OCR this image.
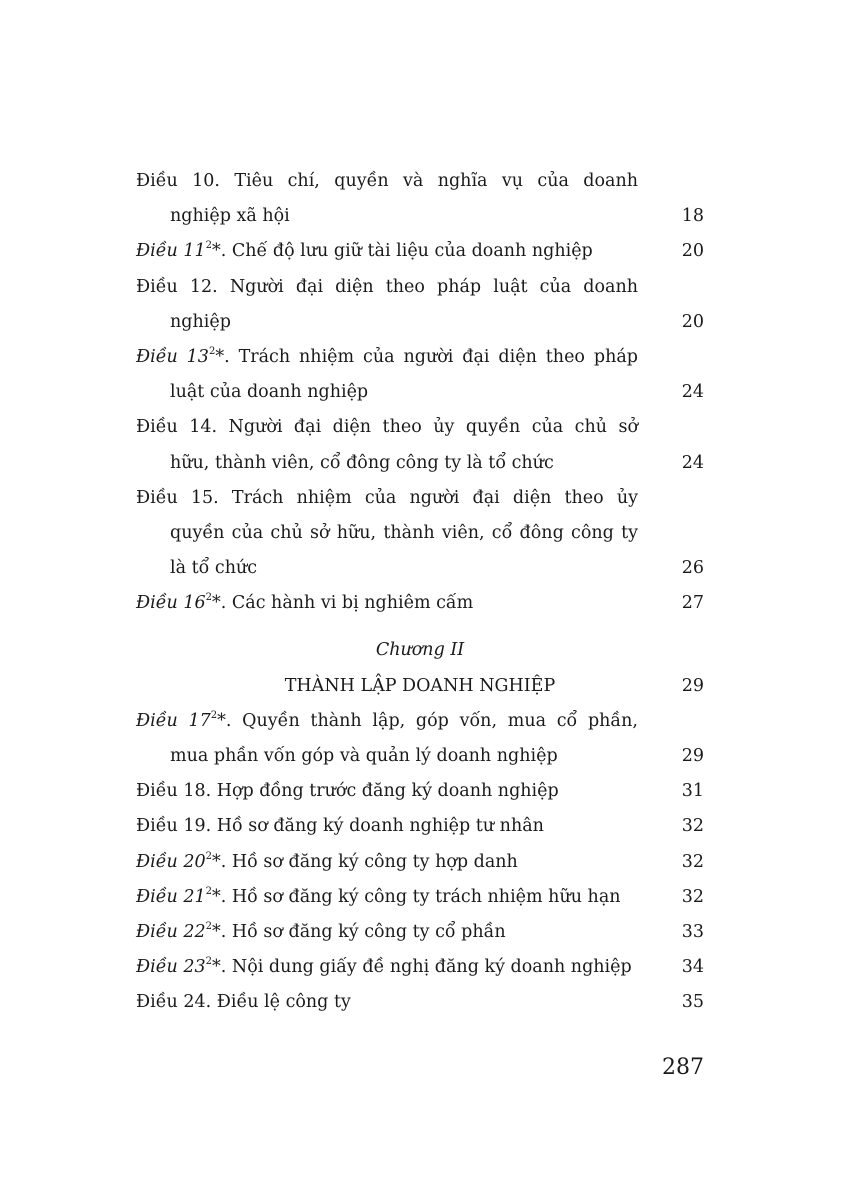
Điều 10. Tiêu chí, quyền và nghĩa vụ của doanh
nghiệp xã hội	18
Điều $11^2*$. Chế độ lưu giữ tài liệu của doanh nghiệp	20
Điều 12. Người đại diện theo pháp luật của doanh
nghiệp	20
Điều $13^2*$. Trách nhiệm của người đại diện theo pháp
luật của doanh nghiệp	24
Điều 14. Người đại diện theo ủy quyền của chủ sở
hữu, thành viên, cổ đông công ty là tổ chức	24
Điều 15. Trách nhiệm của người đại diện theo ủy
quyền của chủ sở hữu, thành viên, cổ đông công ty
là tổ chức	26
Điều $16^2*$. Các hành vi bị nghiêm cấm	27
Chương II
THÀNH LẬP DOANH NGHIỆP	29
Điều $17^2*$. Quyền thành lập, góp vốn, mua cổ phần,
mua phần vốn góp và quản lý doanh nghiệp	29
Điều 18. Hợp đồng trước đăng ký doanh nghiệp	31
Điều 19. Hồ sơ đăng ký doanh nghiệp tư nhân	32
Điều $20^2*$. Hồ sơ đăng ký công ty hợp danh	32
Điều $21^2*$. Hồ sơ đăng ký công ty trách nhiệm hữu hạn	32
Điều $22^2*$. Hồ sơ đăng ký công ty cổ phần	33
Điều $23^2*$. Nội dung giấy đề nghị đăng ký doanh nghiệp	34
Điều 24. Điều lệ công ty	35
287
